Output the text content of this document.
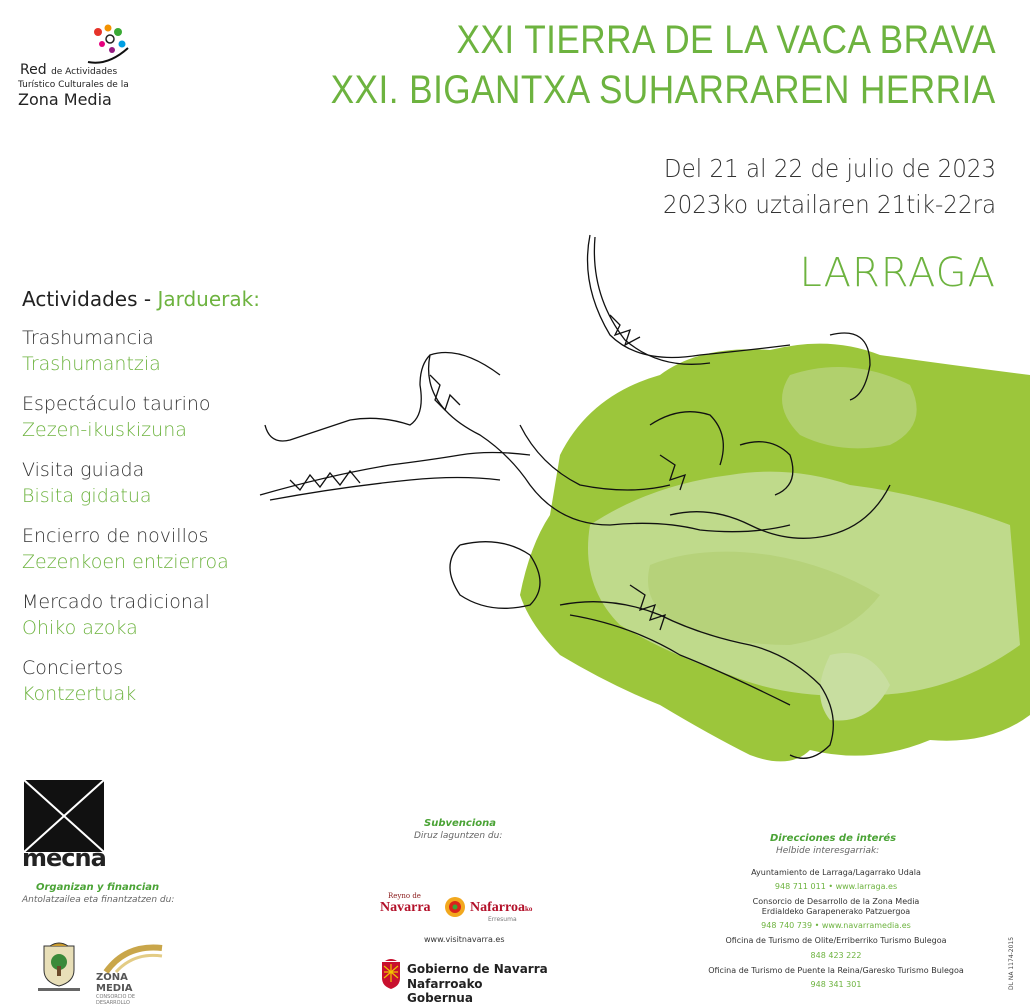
Red de Actividades
Turístico Culturales de la
Zona Media
XXI TIERRA DE LA VACA BRAVA
XXI. BIGANTXA SUHARRAREN HERRIA
Del 21 al 22 de julio de 2023
2023ko uztailaren 21tik-22ra
LARRAGA
Actividades - Jarduerak:
Trashumancia
Trashumantzia
Espectáculo taurino
Zezen-ikuskizuna
Visita guiada
Bisita gidatua
Encierro de novillos
Zezenkoen entzierroa
Mercado tradicional
Ohiko azoka
Conciertos
Kontzertuak
mecna
Organizan y financian
Antolatzailea eta finantzatzen du:
ZONA MEDIA
CONSORCIO DE DESARROLLO
Subvenciona
Diruz laguntzen du:
Reyno de
Navarra	Nafarroako
Erresuma
www.visitnavarra.es
Gobierno de Navarra
Nafarroako Gobernua
Direcciones de interés
Helbide interesgarriak:
Ayuntamiento de Larraga/Lagarrako Udala
948 711 011 • www.larraga.es
Consorcio de Desarrollo de la Zona Media
Erdialdeko Garapenerako Patzuergoa
948 740 739 • www.navarramedia.es
Oficina de Turismo de Olite/Erriberriko Turismo Bulegoa
848 423 222
Oficina de Turismo de Puente la Reina/Garesko Turismo Bulegoa
948 341 301	DL NA 1174-2015
